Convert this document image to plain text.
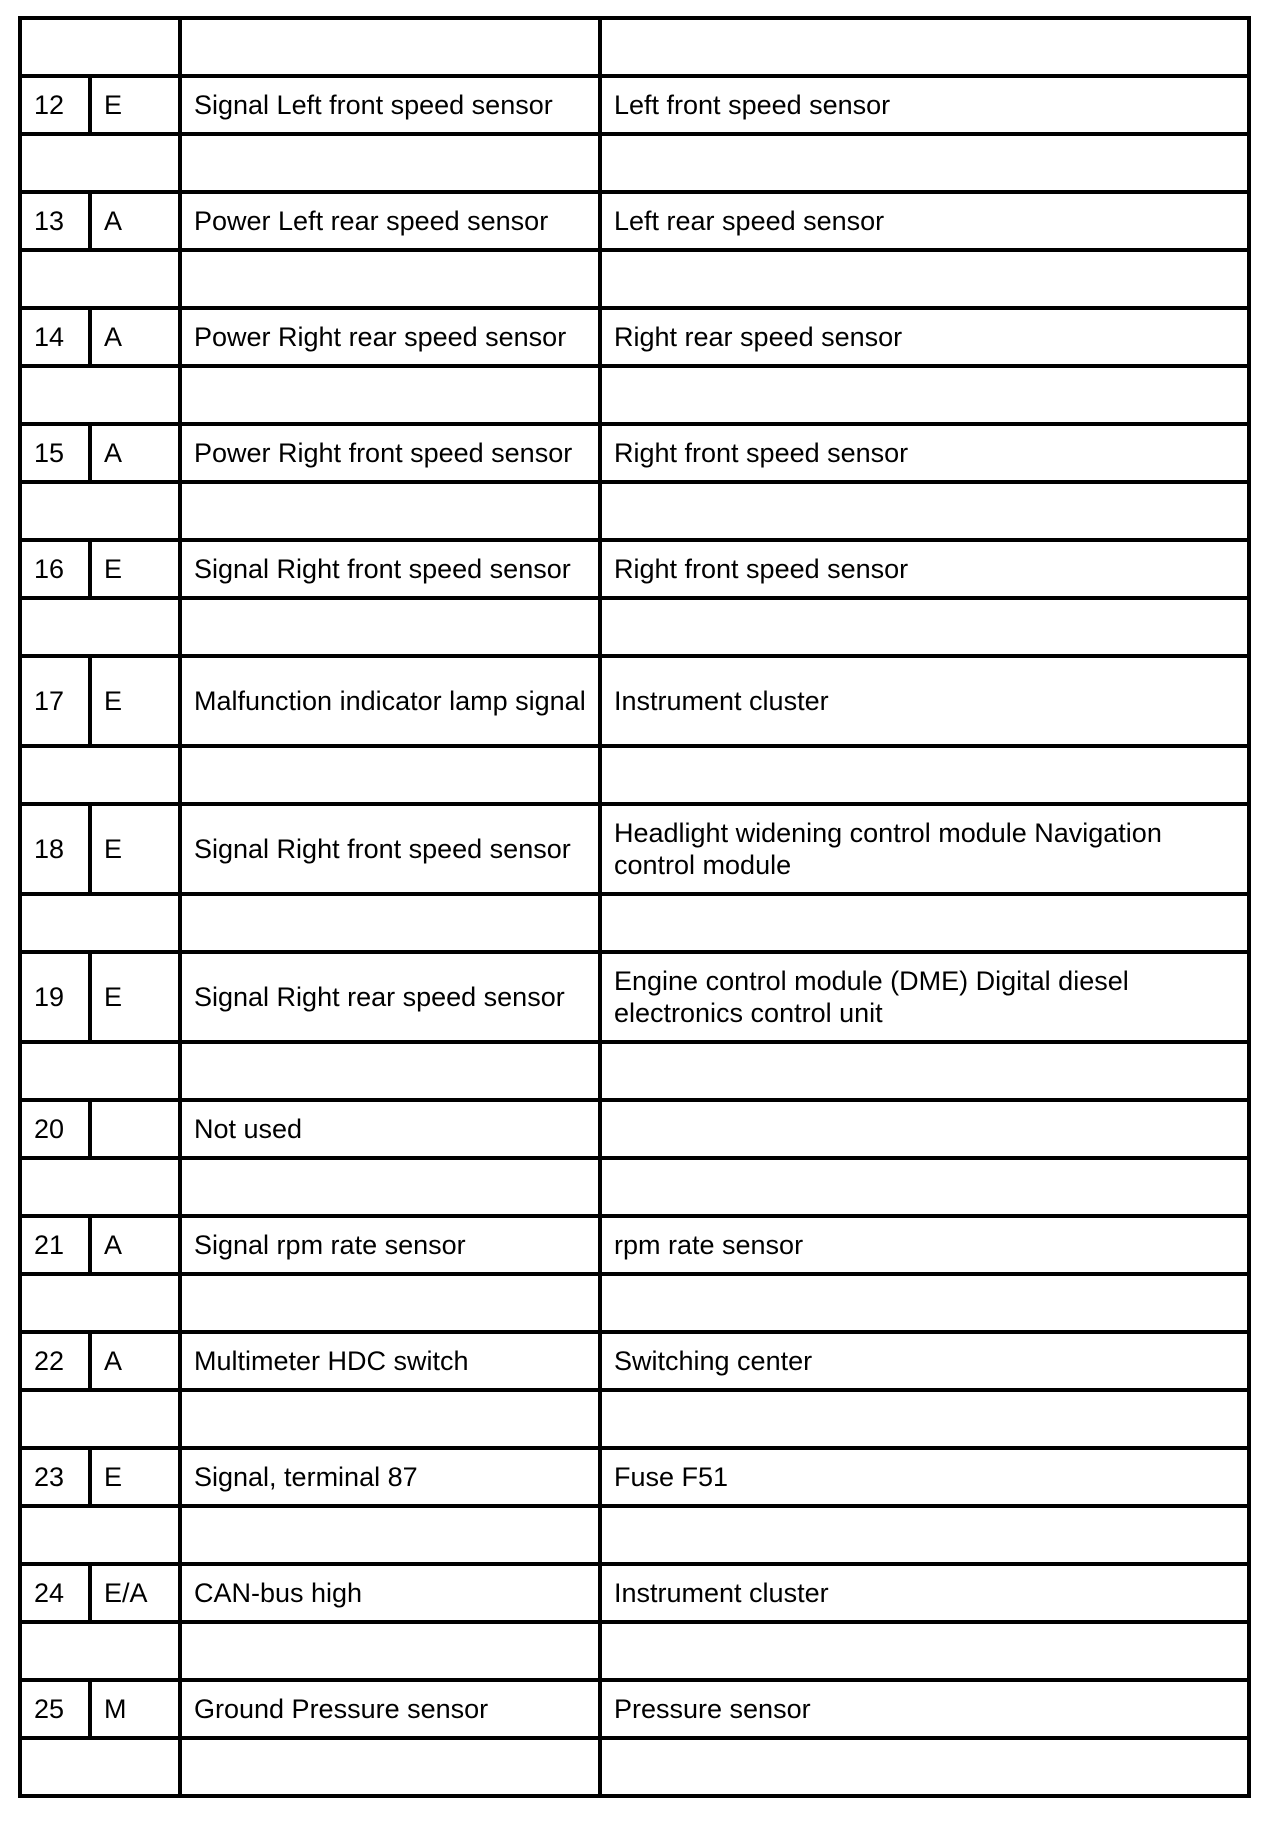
12	E	Signal Left front speed sensor	Left front speed sensor

13	A	Power Left rear speed sensor	Left rear speed sensor

14	A	Power Right rear speed sensor	Right rear speed sensor

15	A	Power Right front speed sensor	Right front speed sensor

16	E	Signal Right front speed sensor	Right front speed sensor

17	E	Malfunction indicator lamp signal	Instrument cluster

18	E	Signal Right front speed sensor	Headlight widening control module Navigation control module

19	E	Signal Right rear speed sensor	Engine control module (DME) Digital diesel electronics control unit

20		Not used	

21	A	Signal rpm rate sensor	rpm rate sensor

22	A	Multimeter HDC switch	Switching center

23	E	Signal, terminal 87	Fuse F51

24	E/A	CAN-bus high	Instrument cluster

25	M	Ground Pressure sensor	Pressure sensor
